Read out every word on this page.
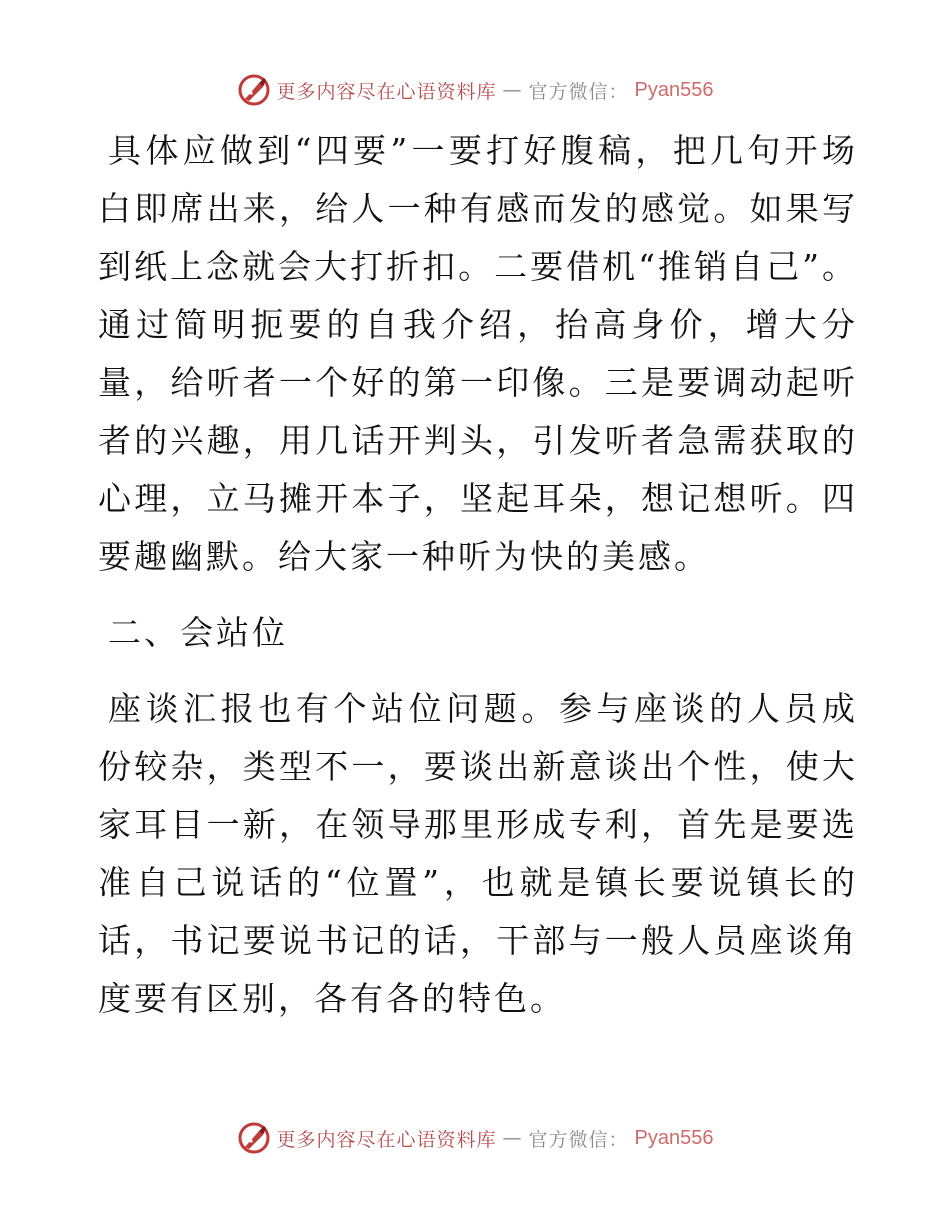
更多内容尽在心语资料库 — 官方微信： Pyan556

具体应做到“四要”一要打好腹稿，把几句开场白即席出来，给人一种有感而发的感觉。如果写到纸上念就会大打折扣。二要借机“推销自己”。通过简明扼要的自我介绍，抬高身价，增大分量，给听者一个好的第一印像。三是要调动起听者的兴趣，用几话开判头，引发听者急需获取的心理，立马摊开本子，坚起耳朵，想记想听。四要趣幽默。给大家一种听为快的美感。

二、会站位

座谈汇报也有个站位问题。参与座谈的人员成份较杂，类型不一，要谈出新意谈出个性，使大家耳目一新，在领导那里形成专利，首先是要选准自己说话的“位置”，也就是镇长要说镇长的话，书记要说书记的话，干部与一般人员座谈角度要有区别，各有各的特色。

更多内容尽在心语资料库 — 官方微信： Pyan556
